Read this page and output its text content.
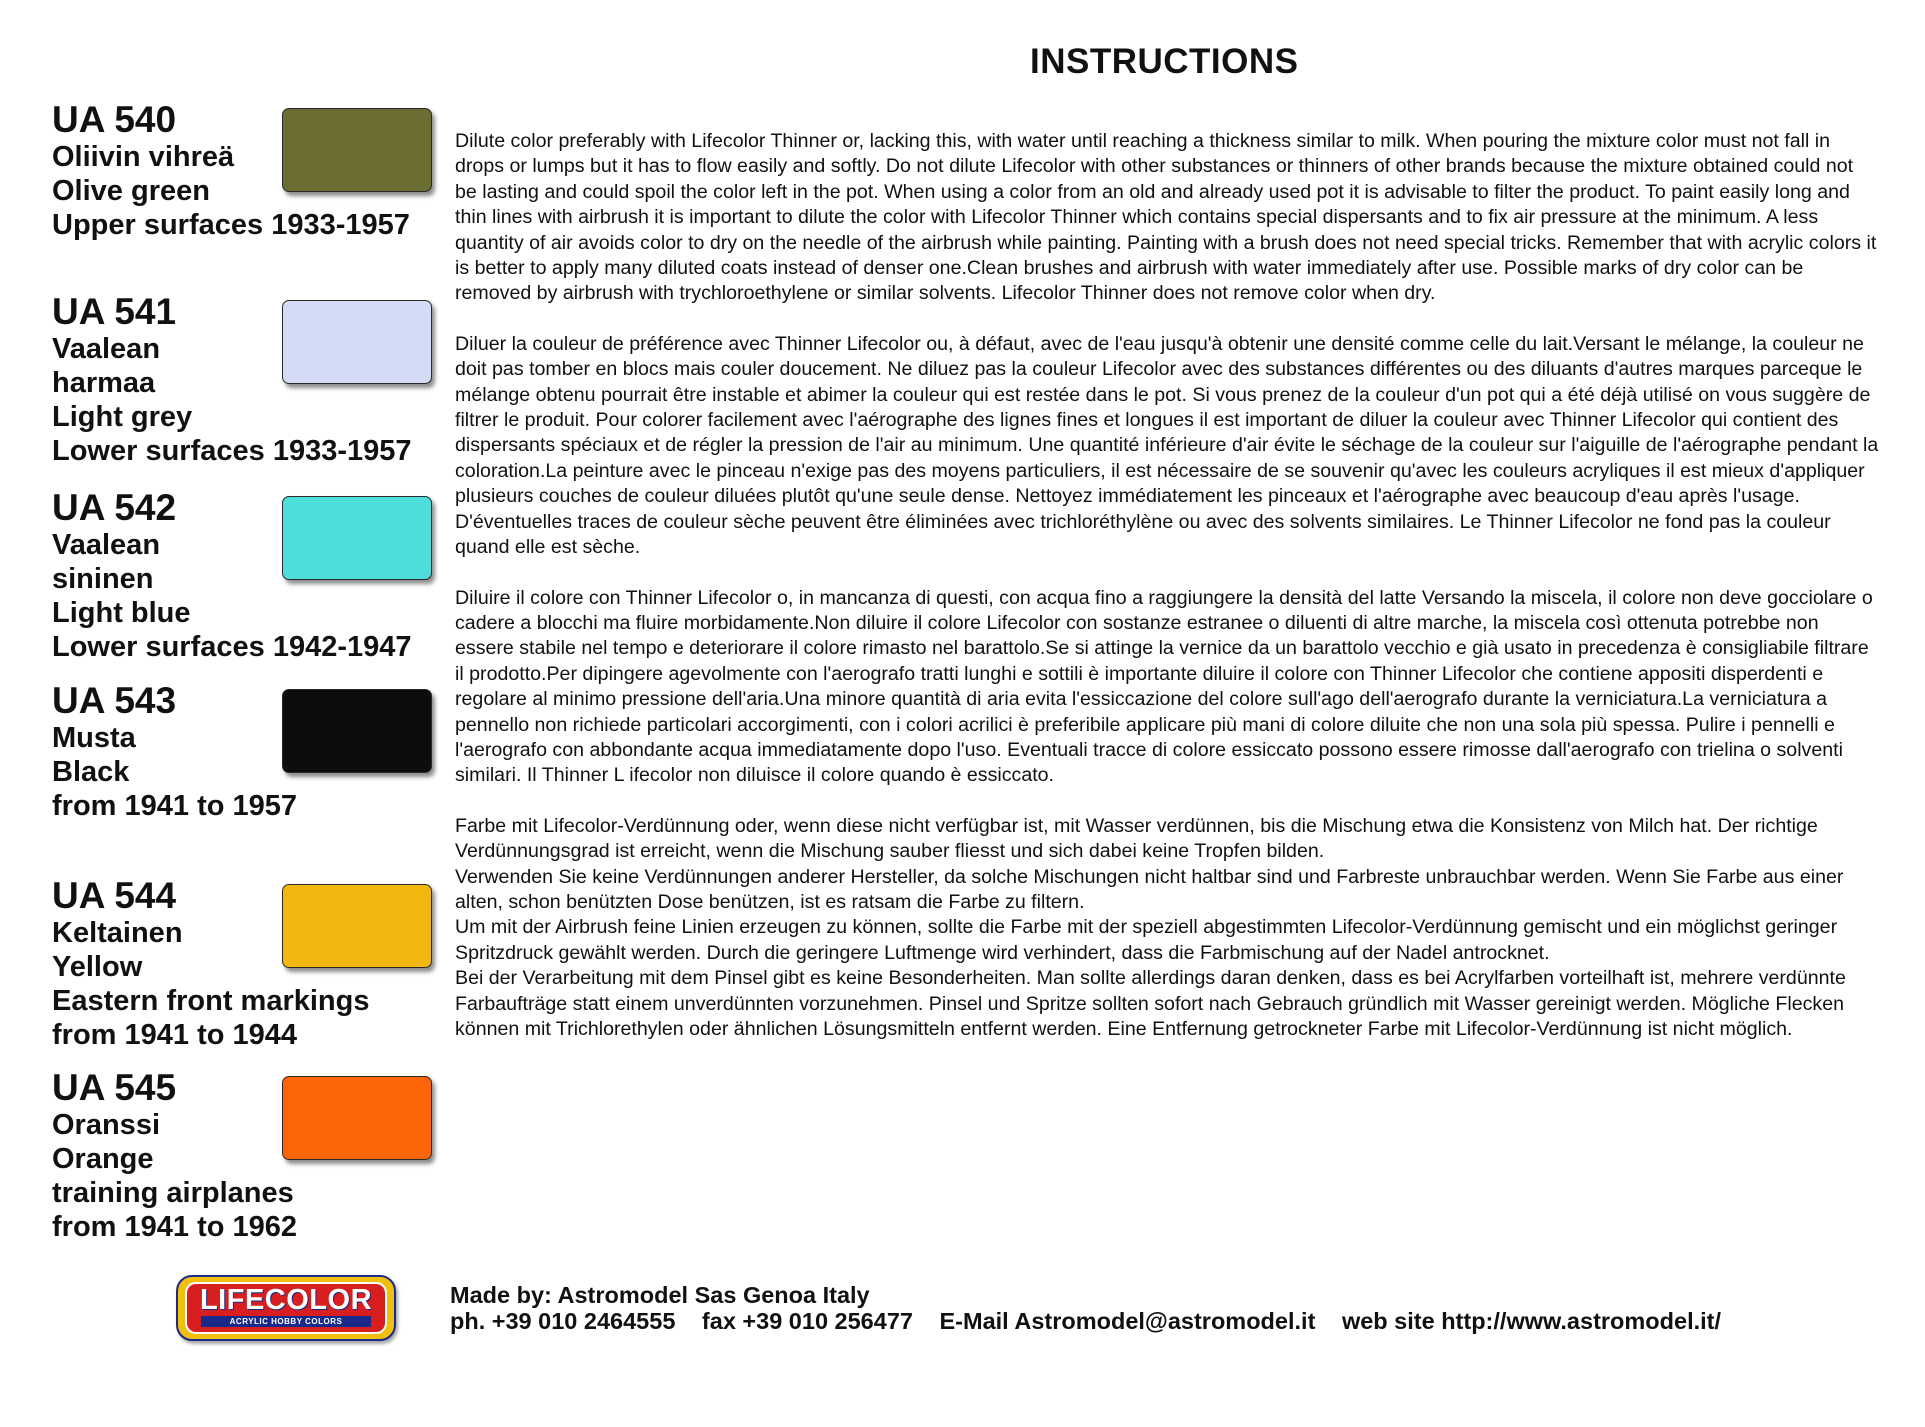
INSTRUCTIONS

UA 540

Oliivin vihreä

Olive green

Upper surfaces 1933-1957

UA 541

Vaalean

harmaa

Light grey

Lower surfaces 1933-1957

UA 542

Vaalean

sininen

Light blue

Lower surfaces 1942-1947

UA 543

Musta

Black

from 1941 to 1957

UA 544

Keltainen

Yellow

Eastern front markings

from 1941 to 1944

UA 545

Oranssi

Orange

training airplanes

from 1941 to 1962

Dilute color preferably with Lifecolor Thinner or, lacking this, with water until reaching a thickness similar to milk. When pouring the mixture color must not fall in drops or lumps but it has to flow easily and softly. Do not dilute Lifecolor with other substances or thinners of other brands because the mixture obtained could not be lasting and could spoil the color left in the pot. When using a color from an old and already used pot it is advisable to filter the product. To paint easily long and thin lines with airbrush it is important to dilute the color with Lifecolor Thinner which contains special dispersants and to fix air pressure at the minimum. A less quantity of air avoids color to dry on the needle of the airbrush while painting. Painting with a brush does not need special tricks. Remember that with acrylic colors it is better to apply many diluted coats instead of denser one.Clean brushes and airbrush with water immediately after use. Possible marks of dry color can be removed by airbrush with trychloroethylene or similar solvents. Lifecolor Thinner does not remove color when dry.

Diluer la couleur de préférence avec Thinner Lifecolor ou, à défaut, avec de l'eau jusqu'à obtenir une densité comme celle du lait.Versant le mélange, la couleur ne doit pas tomber en blocs mais couler doucement. Ne diluez pas la couleur Lifecolor avec des substances différentes ou des diluants d'autres marques parceque le mélange obtenu pourrait être instable et abimer la couleur qui est restée dans le pot. Si vous prenez de la couleur d'un pot qui a été déjà utilisé on vous suggère de filtrer le produit. Pour colorer facilement avec l'aérographe des lignes fines et longues il est important de diluer la couleur avec Thinner Lifecolor qui contient des dispersants spéciaux et de régler la pression de l'air au minimum. Une quantité inférieure d'air évite le séchage de la couleur sur l'aiguille de l'aérographe pendant la coloration.La peinture avec le pinceau n'exige pas des moyens particuliers, il est nécessaire de se souvenir qu'avec les couleurs acryliques il est mieux d'appliquer plusieurs couches de couleur diluées plutôt qu'une seule dense. Nettoyez immédiatement les pinceaux et l'aérographe avec beaucoup d'eau après l'usage. D'éventuelles traces de couleur sèche peuvent être éliminées avec trichloréthylène ou avec des solvents similaires. Le Thinner Lifecolor ne fond pas la couleur quand elle est sèche.

Diluire il colore con Thinner Lifecolor o, in mancanza di questi, con acqua fino a raggiungere la densità del latte Versando la miscela, il colore non deve gocciolare o cadere a blocchi ma fluire morbidamente.Non diluire il colore Lifecolor con sostanze estranee o diluenti di altre marche, la miscela così ottenuta potrebbe non essere stabile nel tempo e deteriorare il colore rimasto nel barattolo.Se si attinge la vernice da un barattolo vecchio e già usato in precedenza è consigliabile filtrare il prodotto.Per dipingere agevolmente con l'aerografo tratti lunghi e sottili è importante diluire il colore con Thinner Lifecolor che contiene appositi disperdenti e regolare al minimo pressione dell'aria.Una minore quantità di aria evita l'essiccazione del colore sull'ago dell'aerografo durante la verniciatura.La verniciatura a pennello non richiede particolari accorgimenti, con i colori acrilici è preferibile applicare più mani di colore diluite che non una sola più spessa. Pulire i pennelli e l'aerografo con abbondante acqua immediatamente dopo l'uso. Eventuali tracce di colore essiccato possono essere rimosse dall'aerografo con trielina o solventi similari. Il Thinner L ifecolor non diluisce il colore quando è essiccato.

Farbe mit Lifecolor-Verdünnung oder, wenn diese nicht verfügbar ist, mit Wasser verdünnen, bis die Mischung etwa die Konsistenz von Milch hat. Der richtige Verdünnungsgrad ist erreicht, wenn die Mischung sauber fliesst und sich dabei keine Tropfen bilden.

Verwenden Sie keine Verdünnungen anderer Hersteller, da solche Mischungen nicht haltbar sind und Farbreste unbrauchbar werden. Wenn Sie Farbe aus einer alten, schon benützten Dose benützen, ist es ratsam die Farbe zu filtern.

Um mit der Airbrush feine Linien erzeugen zu können, sollte die Farbe mit der speziell abgestimmten Lifecolor-Verdünnung gemischt und ein möglichst geringer Spritzdruck gewählt werden. Durch die geringere Luftmenge wird verhindert, dass die Farbmischung auf der Nadel antrocknet.

Bei der Verarbeitung mit dem Pinsel gibt es keine Besonderheiten. Man sollte allerdings daran denken, dass es bei Acrylfarben vorteilhaft ist, mehrere verdünnte Farbaufträge statt einem unverdünnten vorzunehmen. Pinsel und Spritze sollten sofort nach Gebrauch gründlich mit Wasser gereinigt werden. Mögliche Flecken können mit Trichlorethylen oder ähnlichen Lösungsmitteln entfernt werden. Eine Entfernung getrockneter Farbe mit Lifecolor-Verdünnung ist nicht möglich.

LIFECOLOR
ACRYLIC HOBBY COLORS
Made by: Astromodel Sas Genoa Italy
ph. +39 010 2464555 fax +39 010 256477 E-Mail Astromodel@astromodel.it web site http://www.astromodel.it/
